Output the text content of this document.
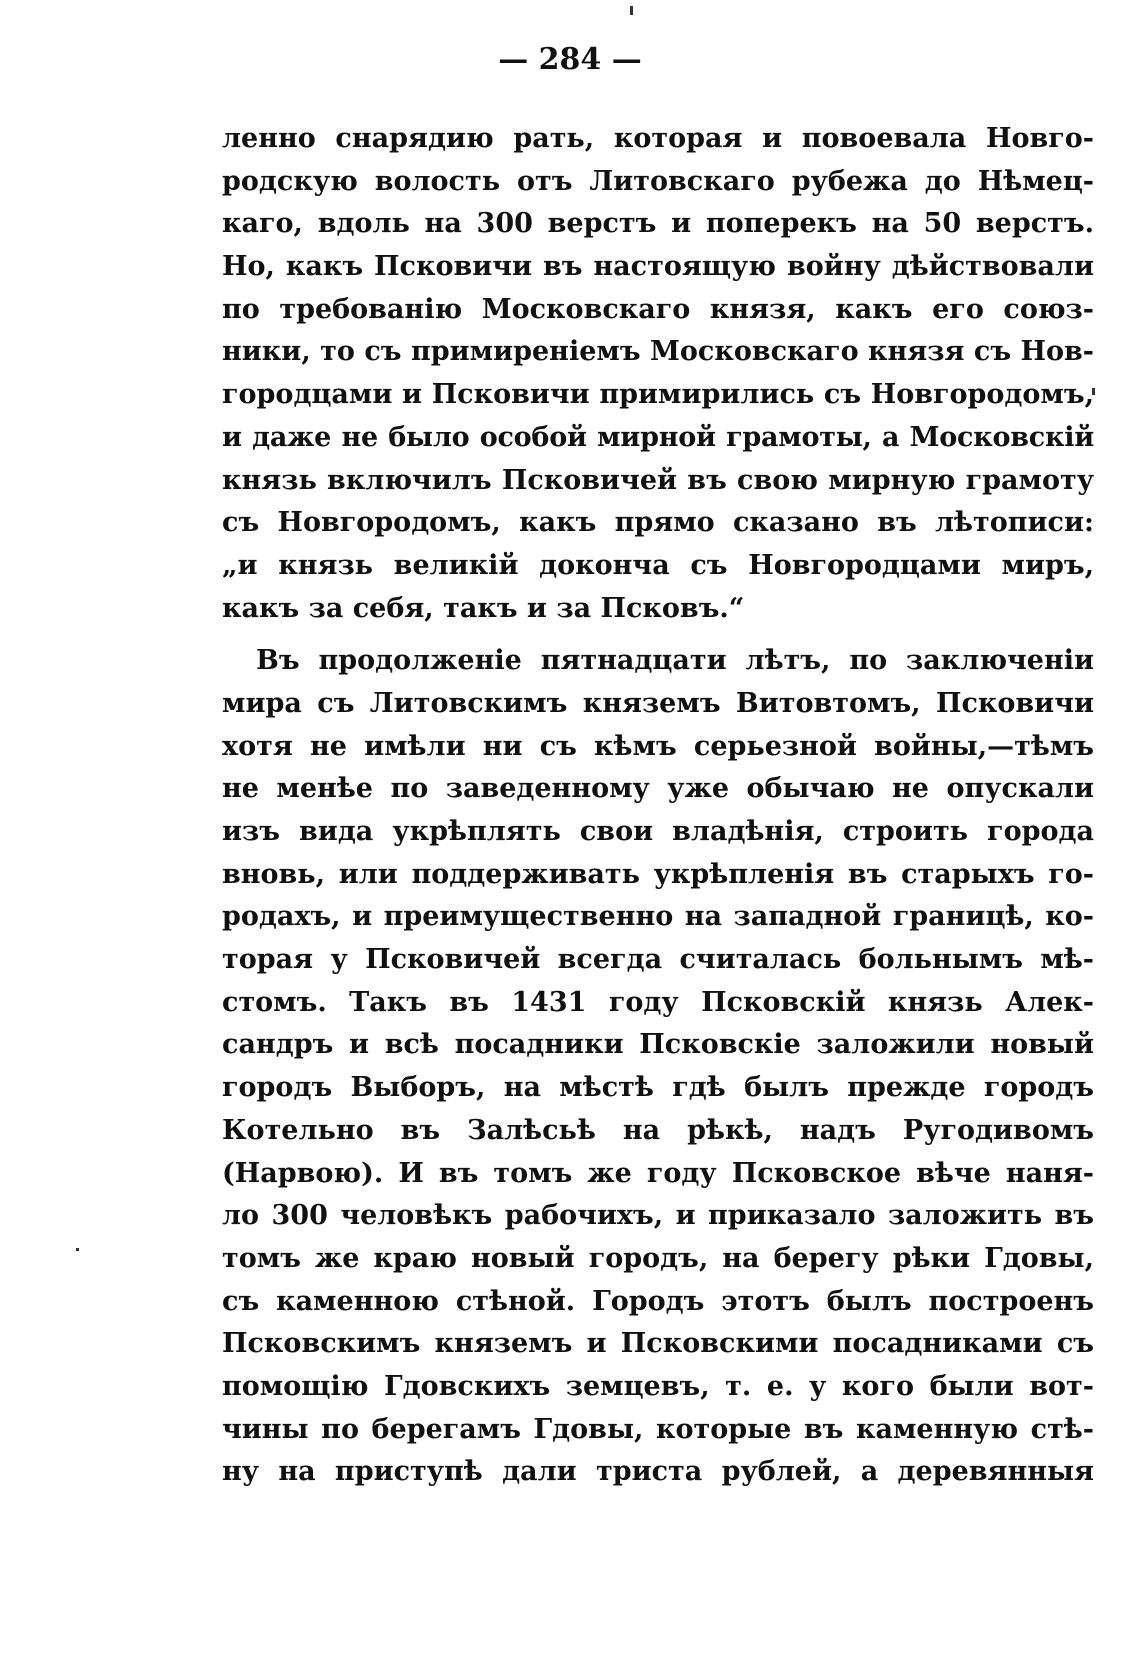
— 284 —
ленно снарядию рать, которая и повоевала Новго-
родскую волость отъ Литовскаго рубежа до Нѣмец-
каго, вдоль на 300 верстъ и поперекъ на 50 верстъ.
Но, какъ Псковичи въ настоящую войну дѣйствовали
по требованію Московскаго князя, какъ его союз-
ники, то съ примиреніемъ Московскаго князя съ Нов-
городцами и Псковичи примирились съ Новгородомъ,
и даже не было особой мирной грамоты, а Московскій
князь включилъ Псковичей въ свою мирную грамоту
съ Новгородомъ, какъ прямо сказано въ лѣтописи:
„и князь великій доконча съ Новгородцами миръ,
какъ за себя, такъ и за Псковъ.“
Въ продолженіе пятнадцати лѣтъ, по заключеніи
мира съ Литовскимъ княземъ Витовтомъ, Псковичи
хотя не имѣли ни съ кѣмъ серьезной войны,—тѣмъ
не менѣе по заведенному уже обычаю не опускали
изъ вида укрѣплять свои владѣнія, строить города
вновь, или поддерживать укрѣпленія въ старыхъ го-
родахъ, и преимущественно на западной границѣ, ко-
торая у Псковичей всегда считалась больнымъ мѣ-
стомъ. Такъ въ 1431 году Псковскій князь Алек-
сандръ и всѣ посадники Псковскіе заложили новый
городъ Выборъ, на мѣстѣ гдѣ былъ прежде городъ
Котельно въ Залѣсьѣ на рѣкѣ, надъ Ругодивомъ
(Нарвою). И въ томъ же году Псковское вѣче наня-
ло 300 человѣкъ рабочихъ, и приказало заложить въ
томъ же краю новый городъ, на берегу рѣки Гдовы,
съ каменною стѣной. Городъ этотъ былъ построенъ
Псковскимъ княземъ и Псковскими посадниками съ
помощію Гдовскихъ земцевъ, т. е. у кого были вот-
чины по берегамъ Гдовы, которые въ каменную стѣ-
ну на приступѣ дали триста рублей, а деревянныя
